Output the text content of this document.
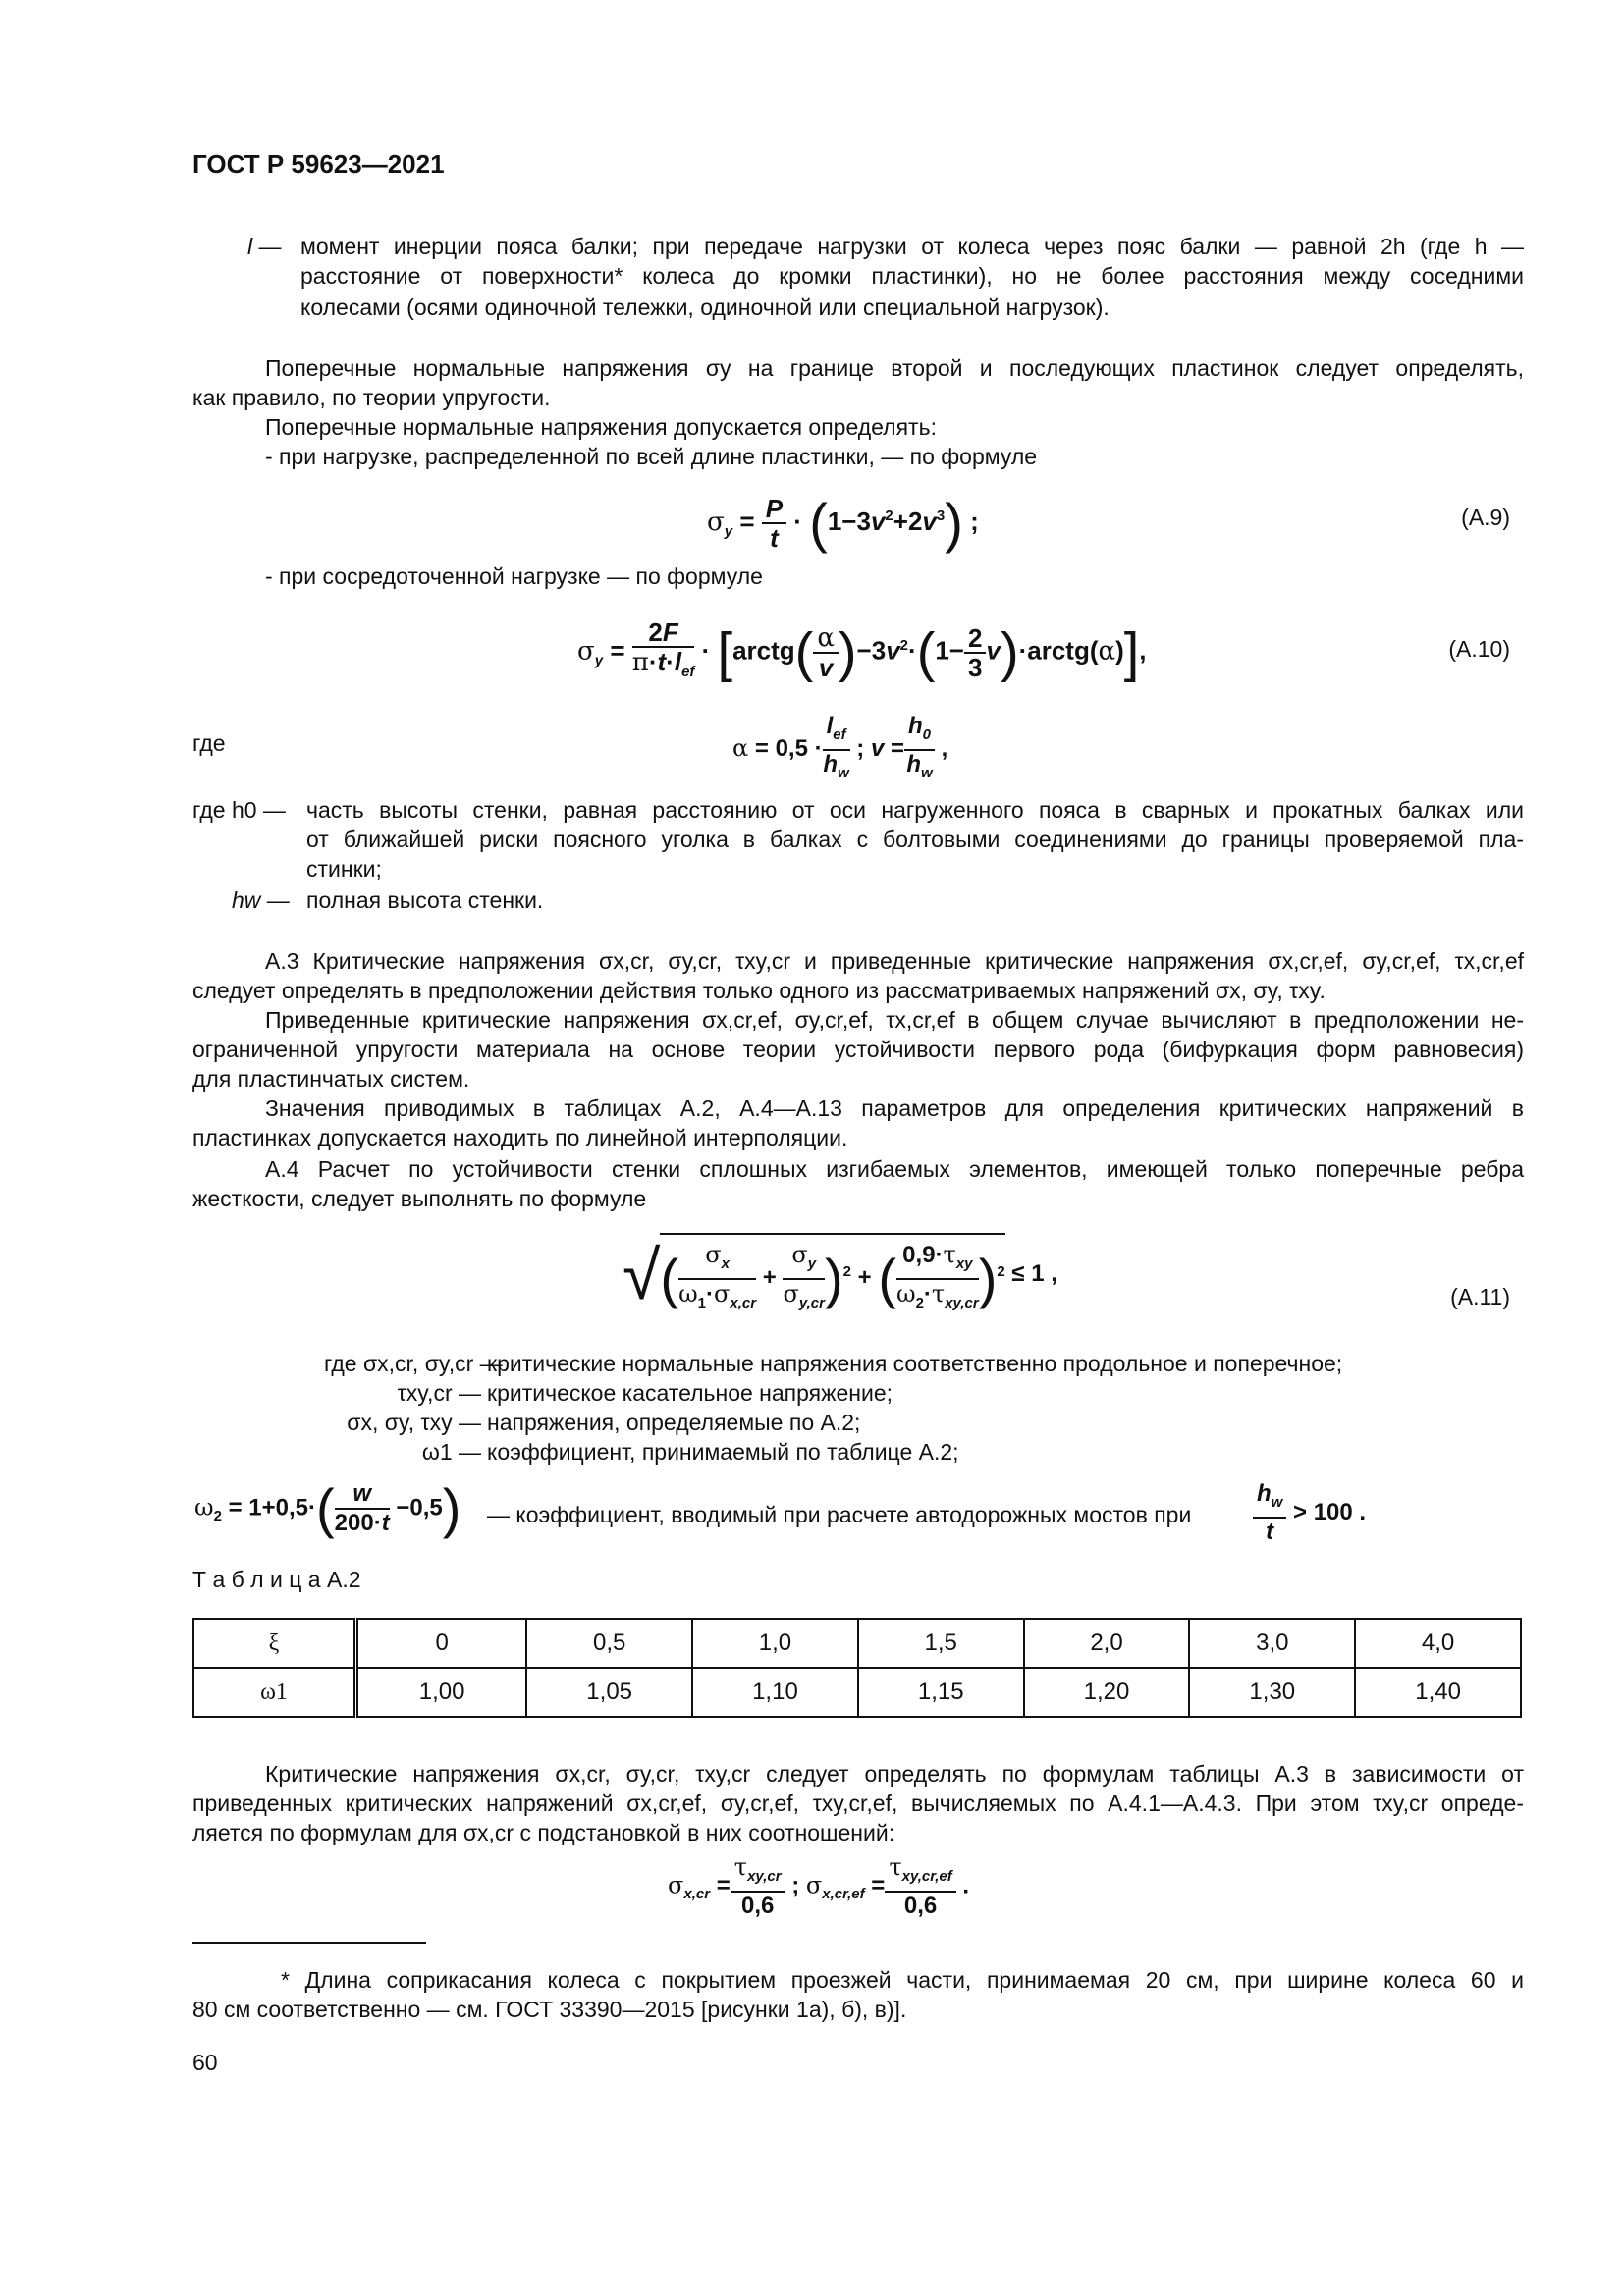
ГОСТ Р 59623—2021
l — момент инерции пояса балки; при передаче нагрузки от колеса через пояс балки — равной 2h (где h —
расстояние от поверхности* колеса до кромки пластинки), но не более расстояния между соседними
колесами (осями одиночной тележки, одиночной или специальной нагрузок).
Поперечные нормальные напряжения σy на границе второй и последующих пластинок следует определять,
как правило, по теории упругости.
Поперечные нормальные напряжения допускается определять:
- при нагрузке, распределенной по всей длине пластинки, — по формуле
$\sigma_y = \frac{P}{t} \cdot (1-3v^2+2v^3)$ ;	(A.9)
- при сосредоточенной нагрузке — по формуле
$\sigma_y = \frac{2F}{\pi\cdot t\cdot l_{ef}}$ · [arctg( $\frac{\alpha}{v} )-3v^2\cdot(1- \frac{2}{3}$ v)·arctg(α)],	(A.10)
где	$\alpha = 0,5 \cdot \frac{l_{ef}}{h_w}$ ; $v = \frac{h_0}{h_w}$ ,
где h0 — часть высоты стенки, равная расстоянию от оси нагруженного пояса в сварных и прокатных балках или
от ближайшей риски поясного уголка в балках с болтовыми соединениями до границы проверяемой пла-
стинки;
hw — полная высота стенки.
А.3 Критические напряжения σx,cr, σy,cr, τxy,cr и приведенные критические напряжения σx,cr,ef, σy,cr,ef, τx,cr,ef
следует определять в предположении действия только одного из рассматриваемых напряжений σx, σy, τxy.
Приведенные критические напряжения σx,cr,ef, σy,cr,ef, τx,cr,ef в общем случае вычисляют в предположении не-
ограниченной упругости материала на основе теории устойчивости первого рода (бифуркация форм равновесия)
для пластинчатых систем.
Значения приводимых в таблицах А.2, А.4—А.13 параметров для определения критических напряжений в
пластинках допускается находить по линейной интерполяции.
А.4 Расчет по устойчивости стенки сплошных изгибаемых элементов, имеющей только поперечные ребра
жесткости, следует выполнять по формуле
√( $\frac{\sigma_x}{\omega_1\cdot\sigma_{x,cr}} + \frac{\sigma_y}{\sigma_{y,cr}} )^2$ + ( $\frac{0,9\cdot\tau_{xy}}{\omega_2\cdot\tau_{xy,cr}} )^2 \le 1$ ,
(A.11)
где σx,cr, σy,cr —
критические нормальные напряжения соответственно продольное и поперечное;
τxy,cr — критическое касательное напряжение;
σx, σy, τxy — напряжения, определяемые по А.2;
ω1 — коэффициент, принимаемый по таблице А.2;
$\omega_2 = 1+0,5\cdot( \frac{w}{200\cdot t} -0,5)$ — коэффициент, вводимый при расчете автодорожных мостов при	$\frac{h_w}{t} > 100$ .
Т а б л и ц а А.2
ξ	0	0,5	1,0	1,5	2,0	3,0	4,0
ω1	1,00	1,05	1,10	1,15	1,20	1,30	1,40
Критические напряжения σx,cr, σy,cr, τxy,cr следует определять по формулам таблицы А.3 в зависимости от
приведенных критических напряжений σx,cr,ef, σy,cr,ef, τxy,cr,ef, вычисляемых по А.4.1—А.4.3. При этом τxy,cr опреде-
ляется по формулам для σx,cr с подстановкой в них соотношений:
$\sigma_{x,cr} = \frac{\tau_{xy,cr}}{0,6}$ ; $\sigma_{x,cr,ef} = \frac{\tau_{xy,cr,ef}}{0,6}$ .
* Длина соприкасания колеса с покрытием проезжей части, принимаемая 20 см, при ширине колеса 60 и
80 см соответственно — см. ГОСТ 33390—2015 [рисунки 1а), б), в)].
60
